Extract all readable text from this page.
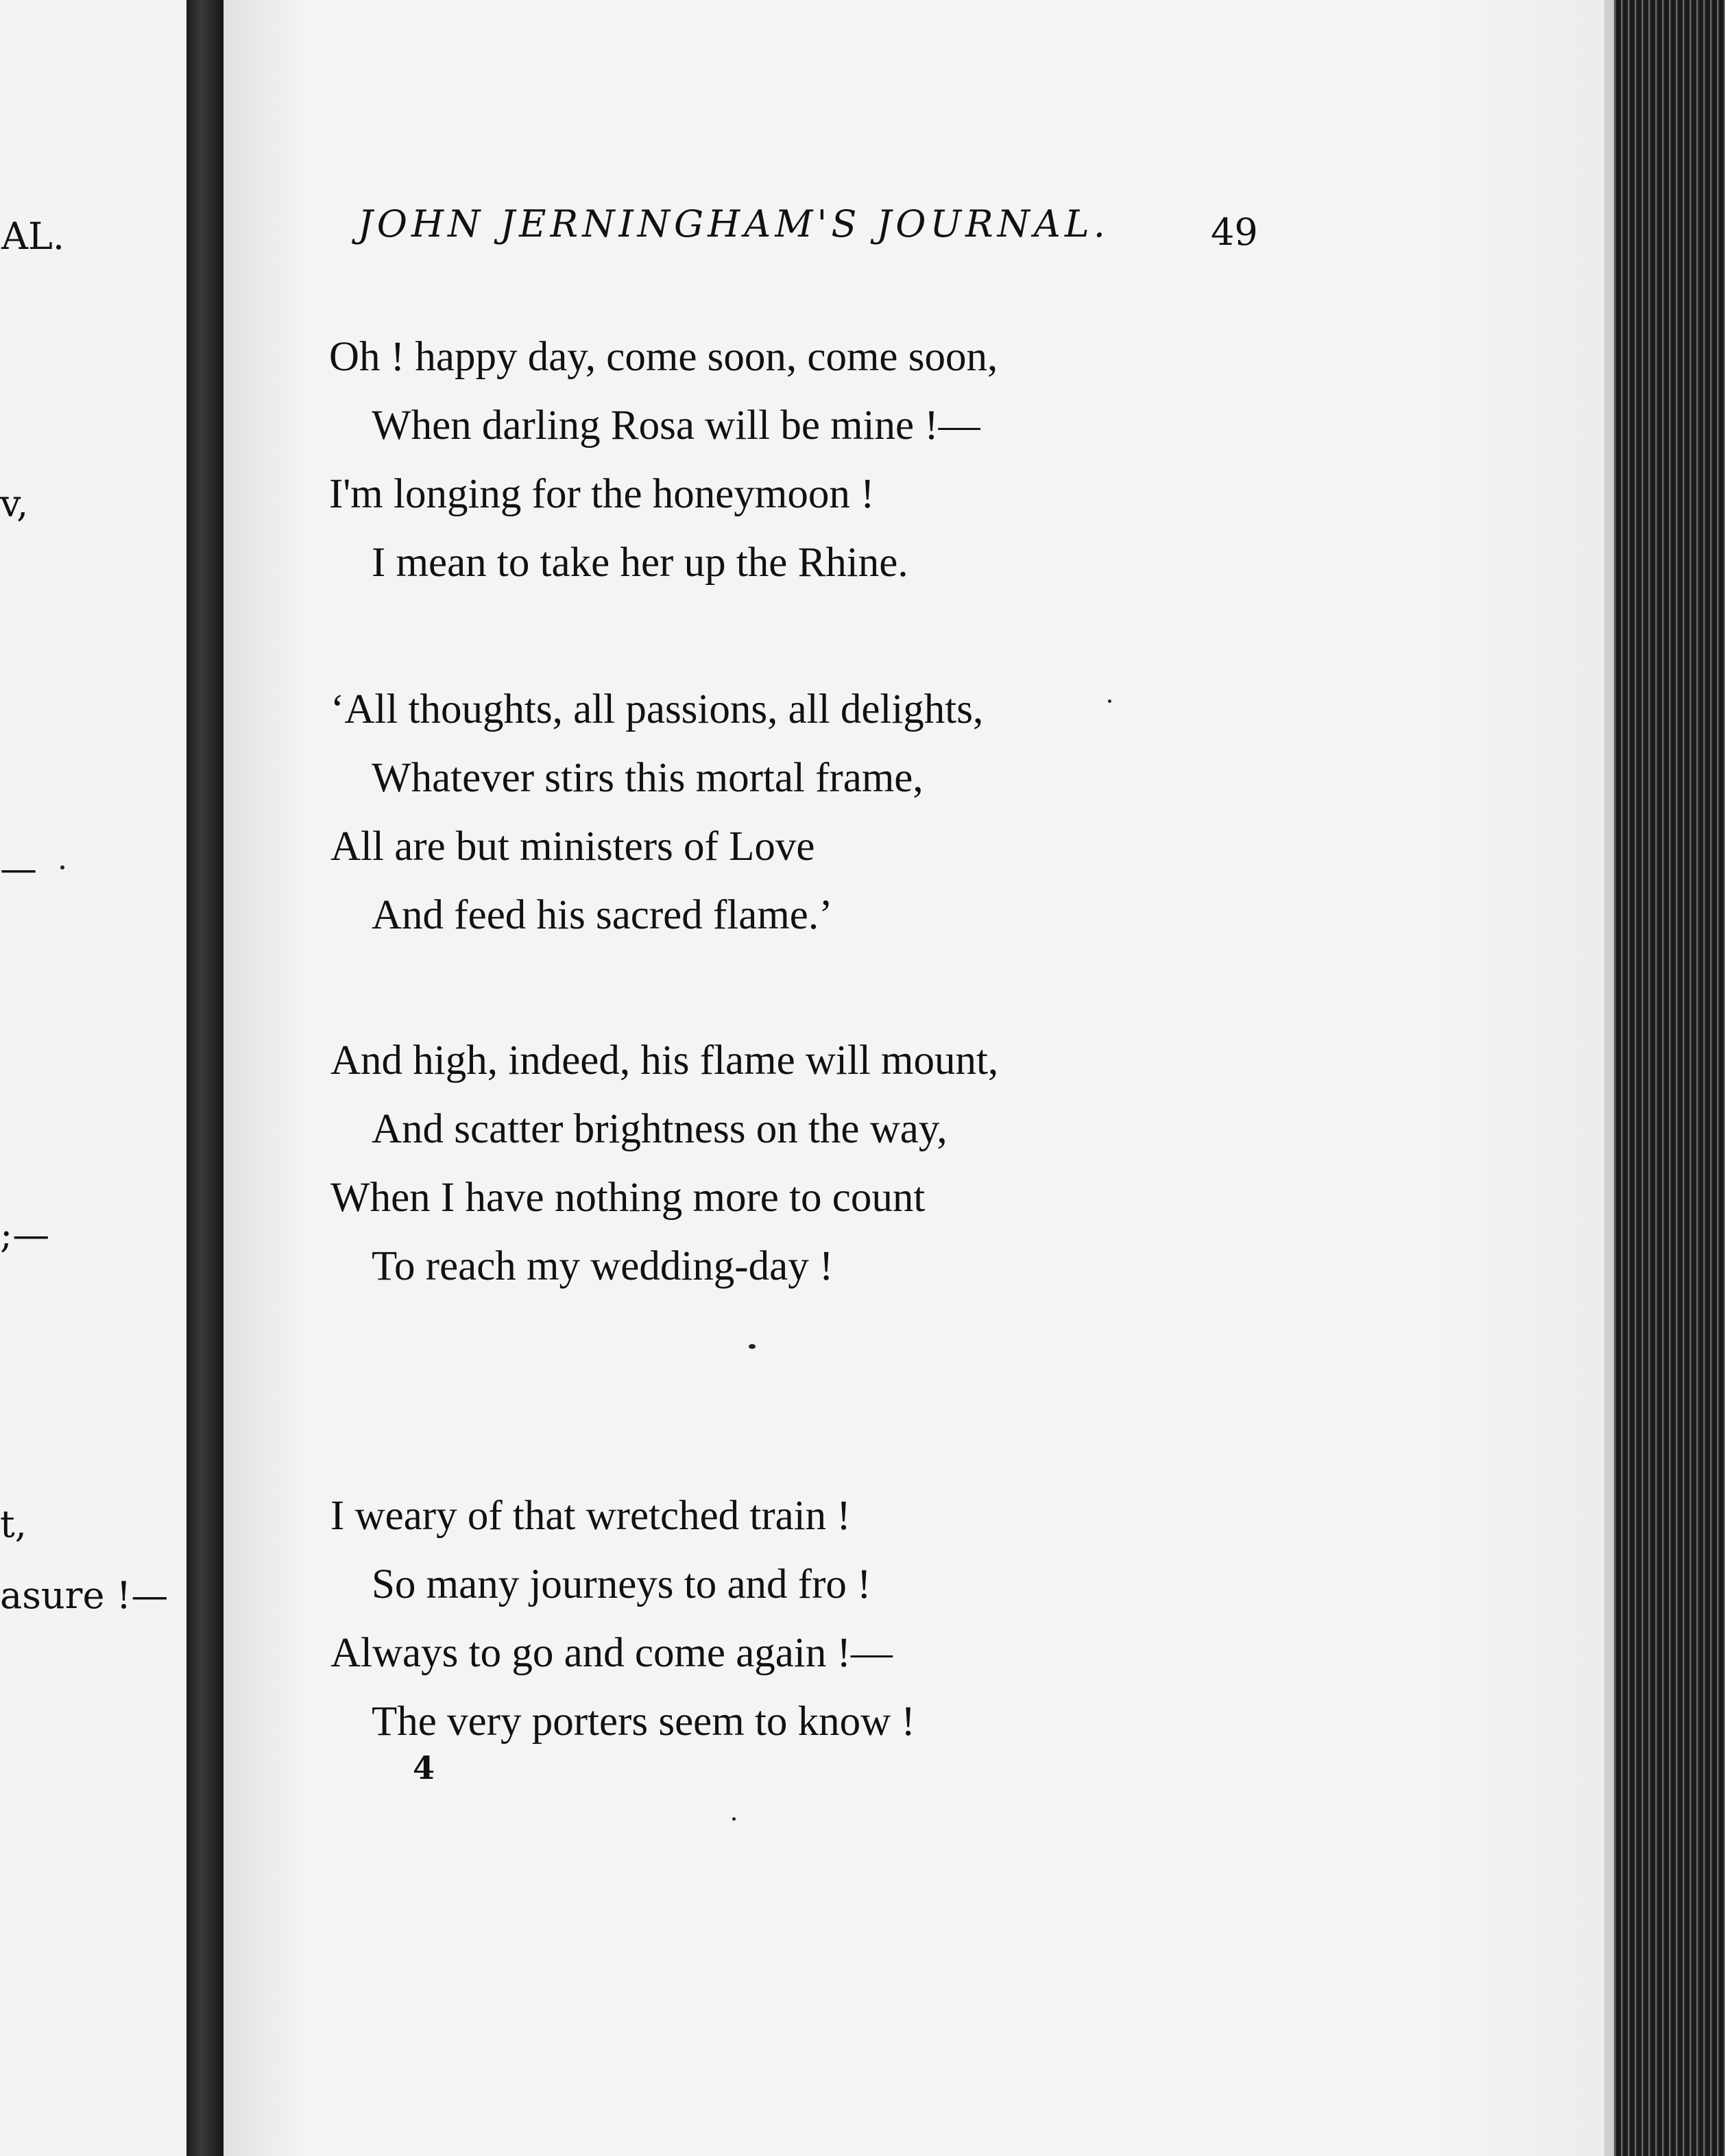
AL.
v,
—
;—
t,
asure !—
JOHN JERNINGHAM'S JOURNAL.	49
Oh ! happy day, come soon, come soon,
When darling Rosa will be mine !—
I'm longing for the honeymoon !
I mean to take her up the Rhine.
‘All thoughts, all passions, all delights,
Whatever stirs this mortal frame,
All are but ministers of Love
And feed his sacred flame.’
And high, indeed, his flame will mount,
And scatter brightness on the way,
When I have nothing more to count
To reach my wedding-day !
I weary of that wretched train !
So many journeys to and fro !
Always to go and come again !—
The very porters seem to know !
4
